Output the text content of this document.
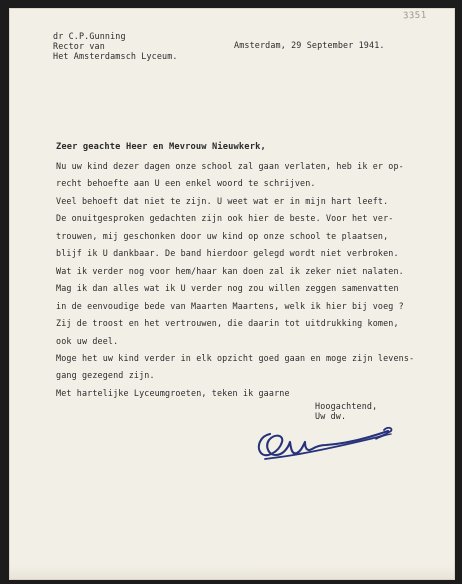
3351
dr C.P.Gunning
Rector van
Het Amsterdamsch Lyceum.
Amsterdam, 29 September 1941.
Zeer geachte Heer en Mevrouw Nieuwkerk,
Nu uw kind dezer dagen onze school zal gaan verlaten, heb ik er op-
recht behoefte aan U een enkel woord te schrijven.
Veel behoeft dat niet te zijn. U weet wat er in mijn hart leeft.
De onuitgesproken gedachten zijn ook hier de beste. Voor het ver-
trouwen, mij geschonken door uw kind op onze school te plaatsen,
blijf ik U dankbaar. De band hierdoor gelegd wordt niet verbroken.
Wat ik verder nog voor hem/haar kan doen zal ik zeker niet nalaten.
Mag ik dan alles wat ik U verder nog zou willen zeggen samenvatten
in de eenvoudige bede van Maarten Maartens, welk ik hier bij voeg ?
Zij de troost en het vertrouwen, die daarin tot uitdrukking komen,
ook uw deel.
Moge het uw kind verder in elk opzicht goed gaan en moge zijn levens-
gang gezegend zijn.
Met hartelijke Lyceumgroeten, teken ik gaarne
Hoogachtend,
Uw dw.
